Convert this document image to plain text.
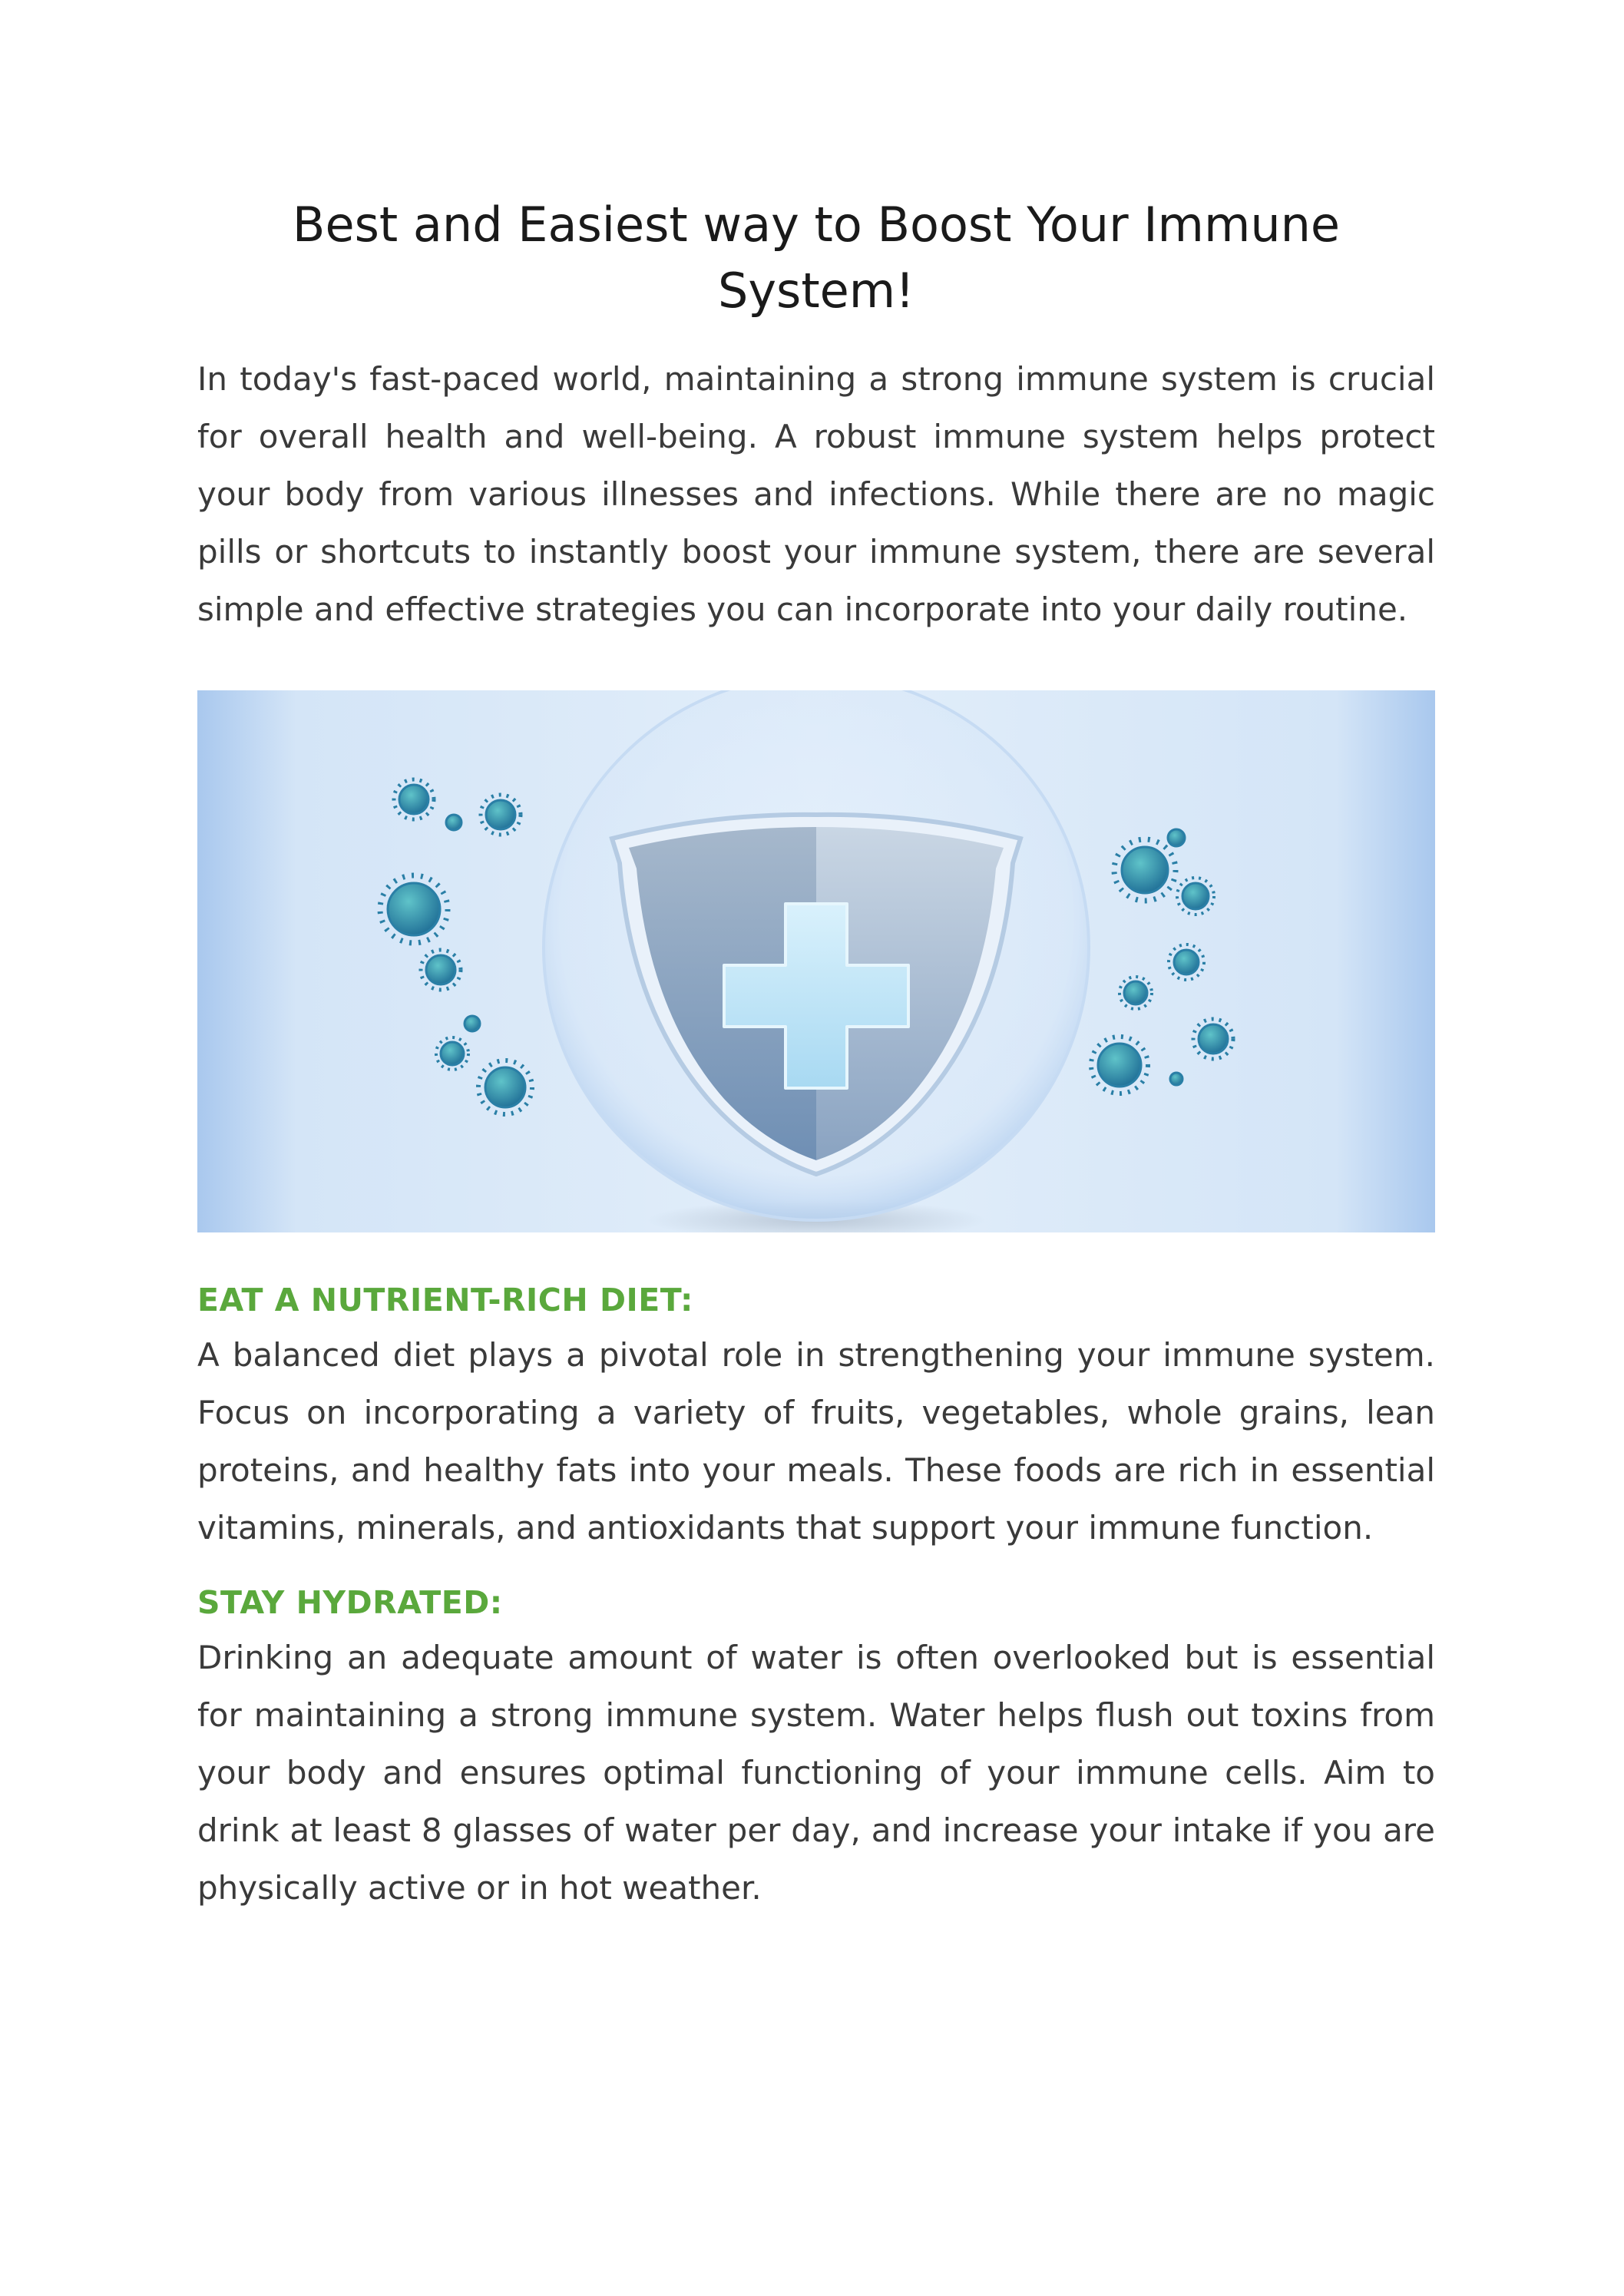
Best and Easiest way to Boost Your Immune System!

In today's fast-paced world, maintaining a strong immune system is crucial for overall health and well-being. A robust immune system helps protect your body from various illnesses and infections. While there are no magic pills or shortcuts to instantly boost your immune system, there are several simple and effective strategies you can incorporate into your daily routine.

EAT A NUTRIENT-RICH DIET:

A balanced diet plays a pivotal role in strengthening your immune system. Focus on incorporating a variety of fruits, vegetables, whole grains, lean proteins, and healthy fats into your meals. These foods are rich in essential vitamins, minerals, and antioxidants that support your immune function.

STAY HYDRATED:

Drinking an adequate amount of water is often overlooked but is essential for maintaining a strong immune system. Water helps flush out toxins from your body and ensures optimal functioning of your immune cells. Aim to drink at least 8 glasses of water per day, and increase your intake if you are physically active or in hot weather.
